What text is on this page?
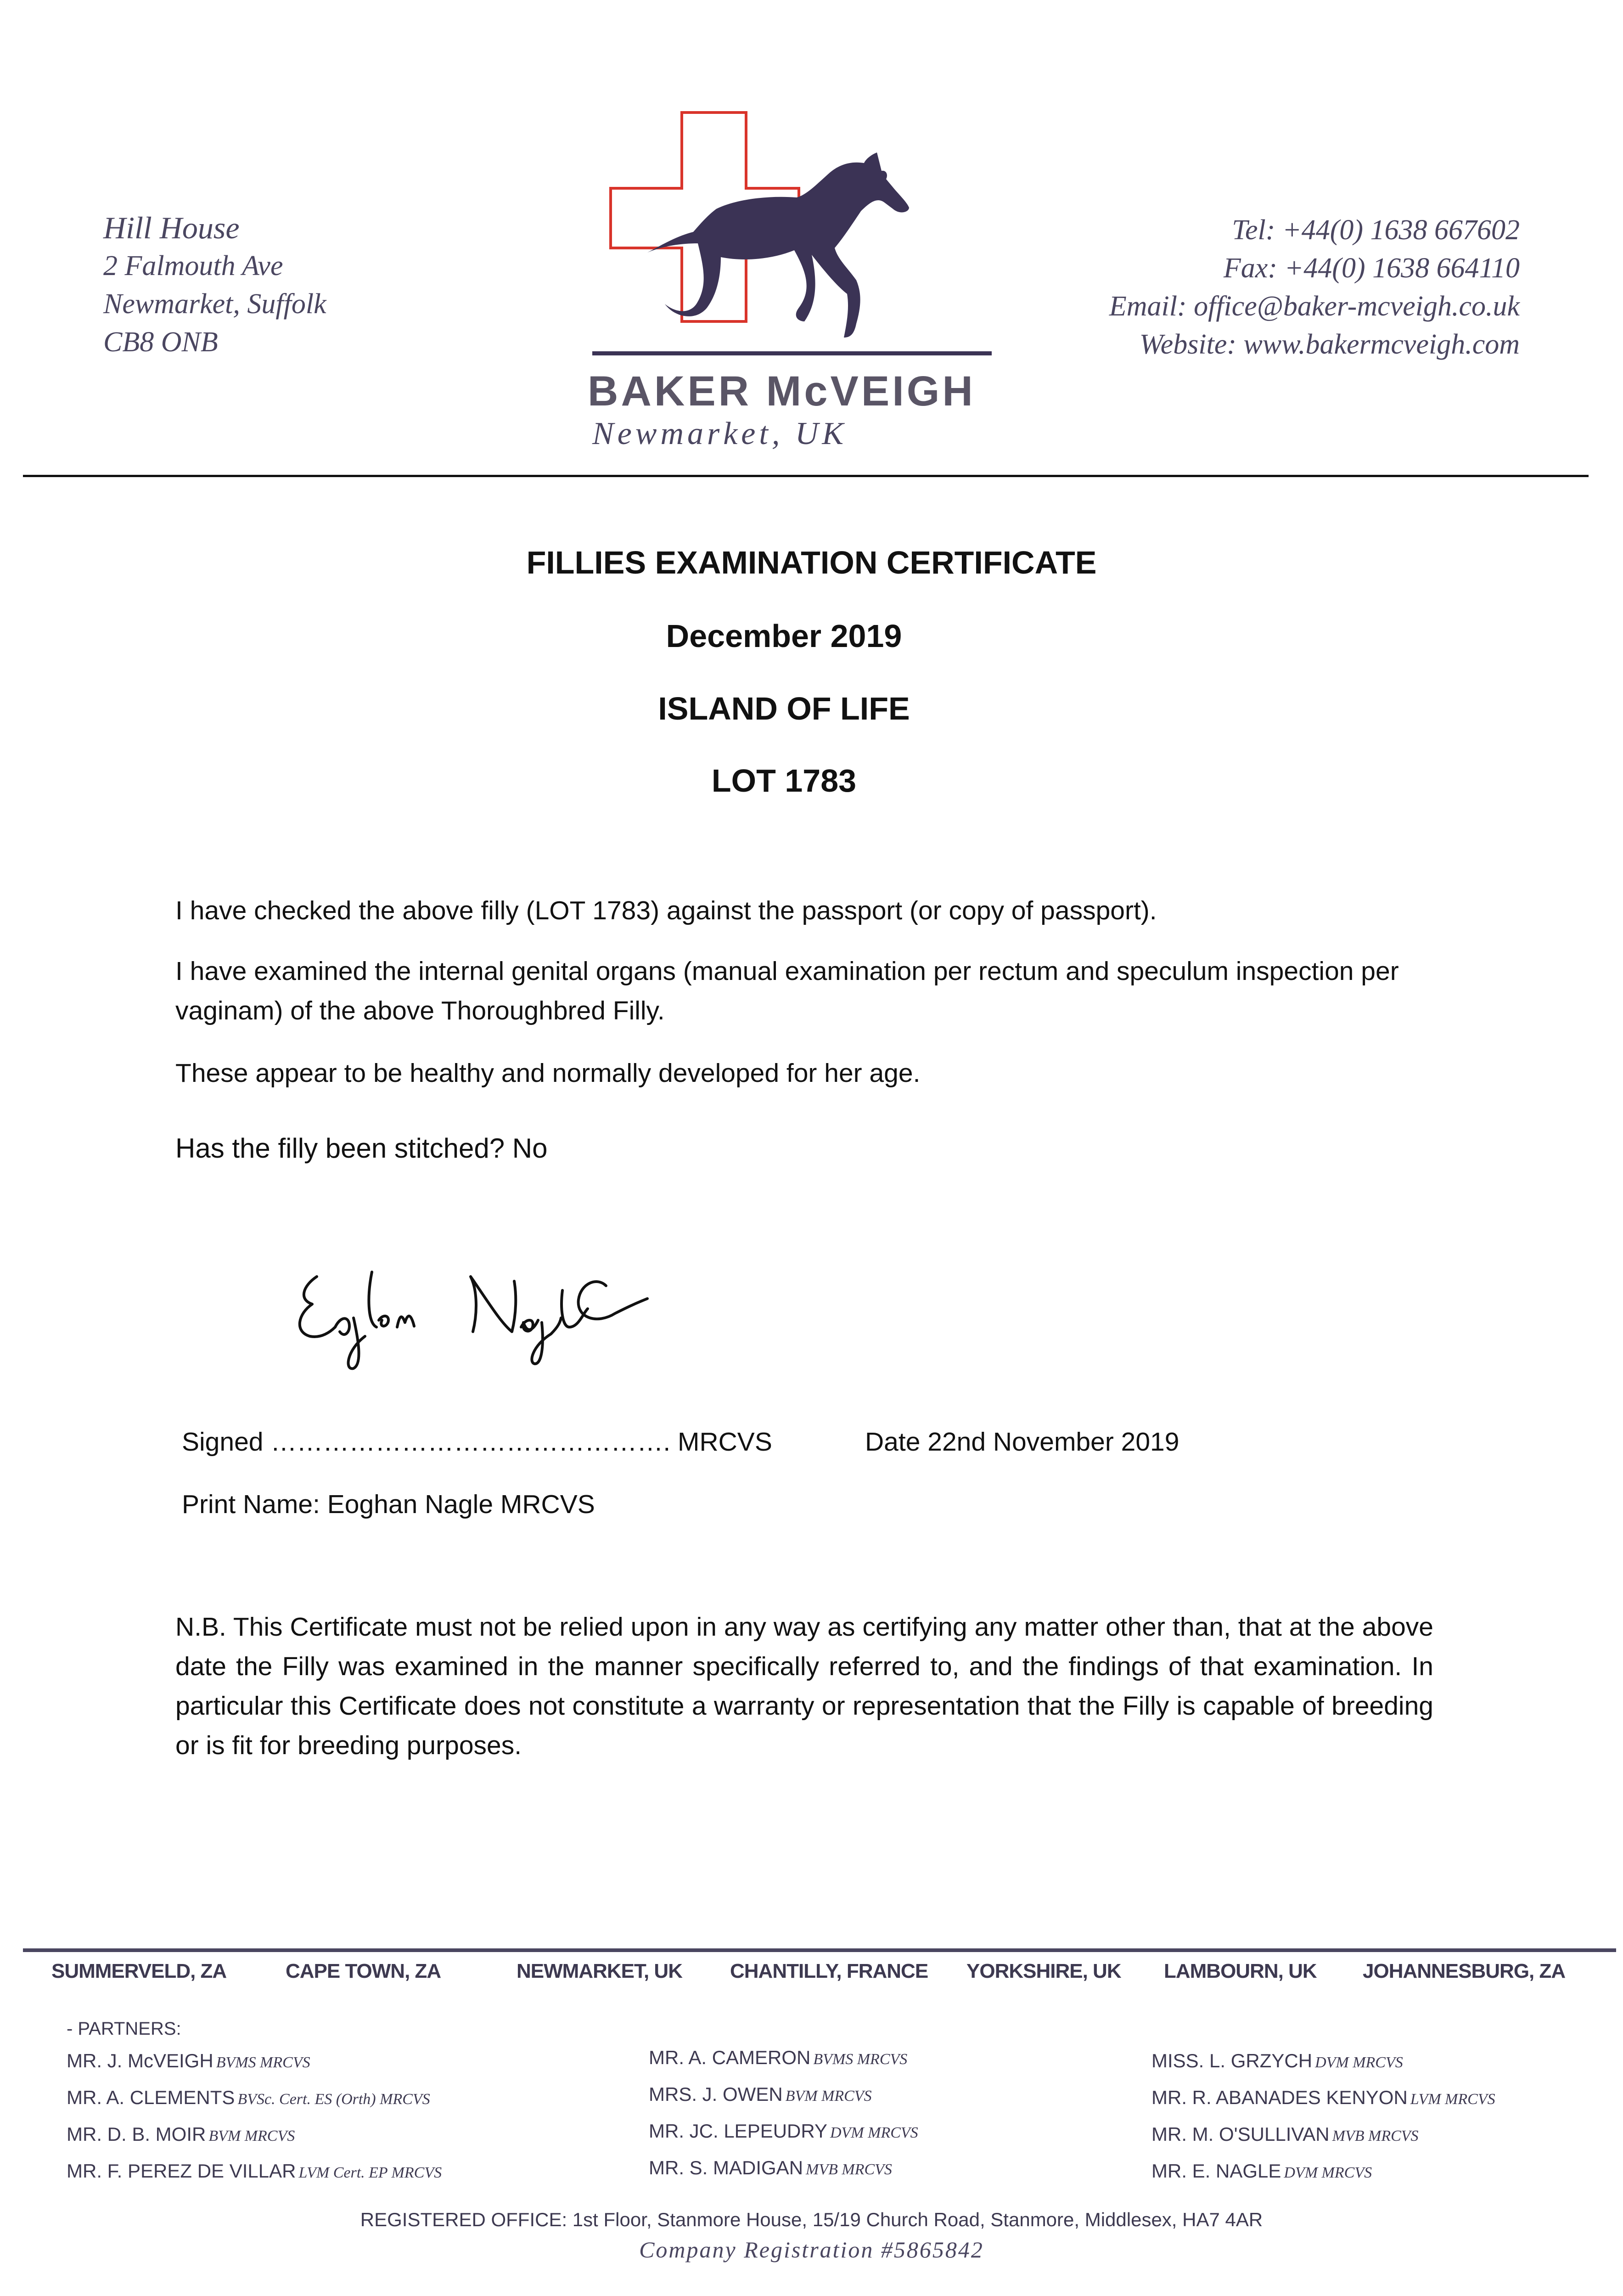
Hill House
2 Falmouth Ave
Newmarket, Suffolk
CB8 ONB
BAKER McVEIGH
Newmarket, UK
Tel: +44(0) 1638 667602
Fax: +44(0) 1638 664110
Email: office@baker-mcveigh.co.uk
Website: www.bakermcveigh.com
FILLIES EXAMINATION CERTIFICATE
December 2019
ISLAND OF LIFE
LOT 1783
I have checked the above filly (LOT 1783) against the passport (or copy of passport).
I have examined the internal genital organs (manual examination per rectum and speculum inspection per vaginam) of the above Thoroughbred Filly.
These appear to be healthy and normally developed for her age.
Has the filly been stitched? No
Signed ………………………………………. MRCVS	Date 22nd November 2019
Print Name: Eoghan Nagle MRCVS
N.B. This Certificate must not be relied upon in any way as certifying any matter other than, that at the above date the Filly was examined in the manner specifically referred to, and the findings of that examination. In particular this Certificate does not constitute a warranty or representation that the Filly is capable of breeding or is fit for breeding purposes.
SUMMERVELD, ZA	CAPE TOWN, ZA	NEWMARKET, UK CHANTILLY, FRANCE YORKSHIRE, UK LAMBOURN, UK JOHANNESBURG, ZA
- PARTNERS:
MR. J. McVEIGH BVMS MRCVS
MR. A. CLEMENTS BVSc. Cert. ES (Orth) MRCVS
MR. D. B. MOIR BVM MRCVS
MR. F. PEREZ DE VILLAR LVM Cert. EP MRCVS
MR. A. CAMERON BVMS MRCVS
MRS. J. OWEN BVM MRCVS
MR. JC. LEPEUDRY DVM MRCVS
MR. S. MADIGAN MVB MRCVS
MISS. L. GRZYCH DVM MRCVS
MR. R. ABANADES KENYON LVM MRCVS
MR. M. O'SULLIVAN MVB MRCVS
MR. E. NAGLE DVM MRCVS
REGISTERED OFFICE: 1st Floor, Stanmore House, 15/19 Church Road, Stanmore, Middlesex, HA7 4AR
Company Registration #5865842
